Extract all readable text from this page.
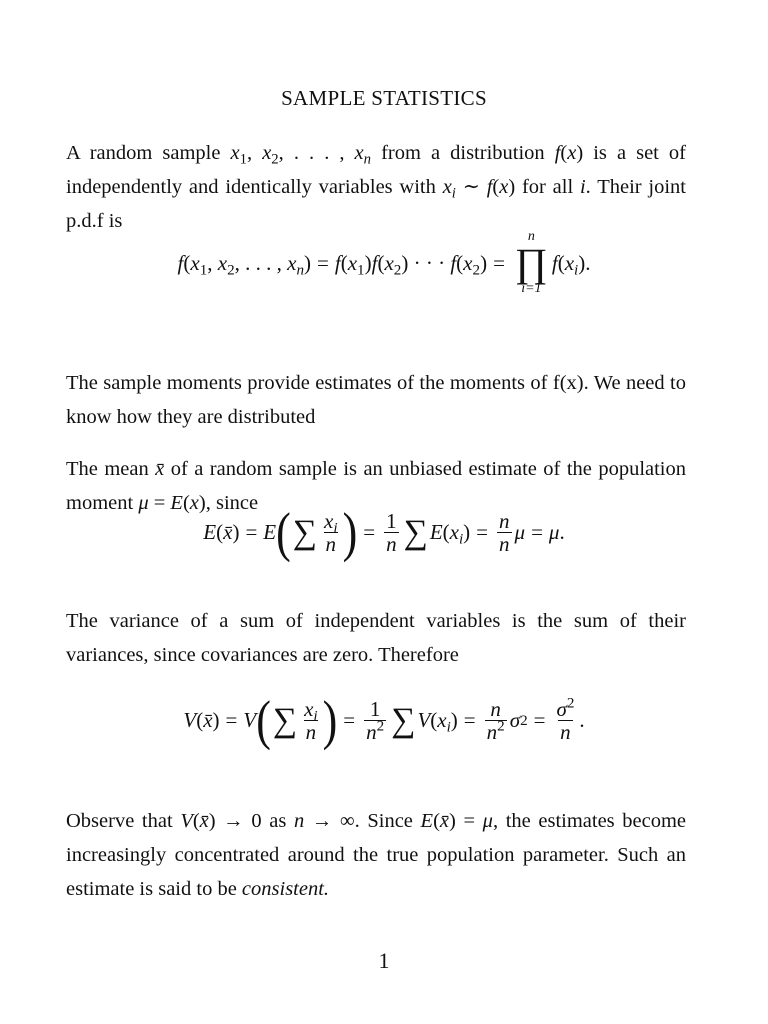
SAMPLE STATISTICS
A random sample $x_1$, $x_2$, . . . , $x_n$ from a distribution f(x) is a set of independently and identically variables with $x_i$ ∼ f(x) for all i. Their joint p.d.f is
$f(x_1$, $x_2$, . . . , $x_n) = f(x_1)f(x_2)$ · · · $f(x_2)$ =
n
∏
i=1
$f(x_i)$.
The sample moments provide estimates of the moments of f(x). We need to know how they are distributed
The mean x̄ of a random sample is an unbiased estimate of the population moment μ = E(x), since
E ( x̄ ) = E ( ∑ $\frac{x_i}{n}$ ) = $\frac{1}{n}$ ∑ E ( $x_i$ ) = $\frac{n}{n}$ μ = μ .
The variance of a sum of independent variables is the sum of their variances, since covariances are zero. Therefore
V ( x̄ ) = V ( ∑ $\frac{x_i}{n}$ ) = $\frac{1}{n^2}$ ∑ V ( $x_i$ ) = $\frac{n}{n^2}$ σ $2 = \frac{\sigma^2}{n}$ .
Observe that V(x̄) → 0 as n → ∞. Since E(x̄) = μ, the estimates become increasingly concentrated around the true population parameter. Such an estimate is said to be consistent.
1
